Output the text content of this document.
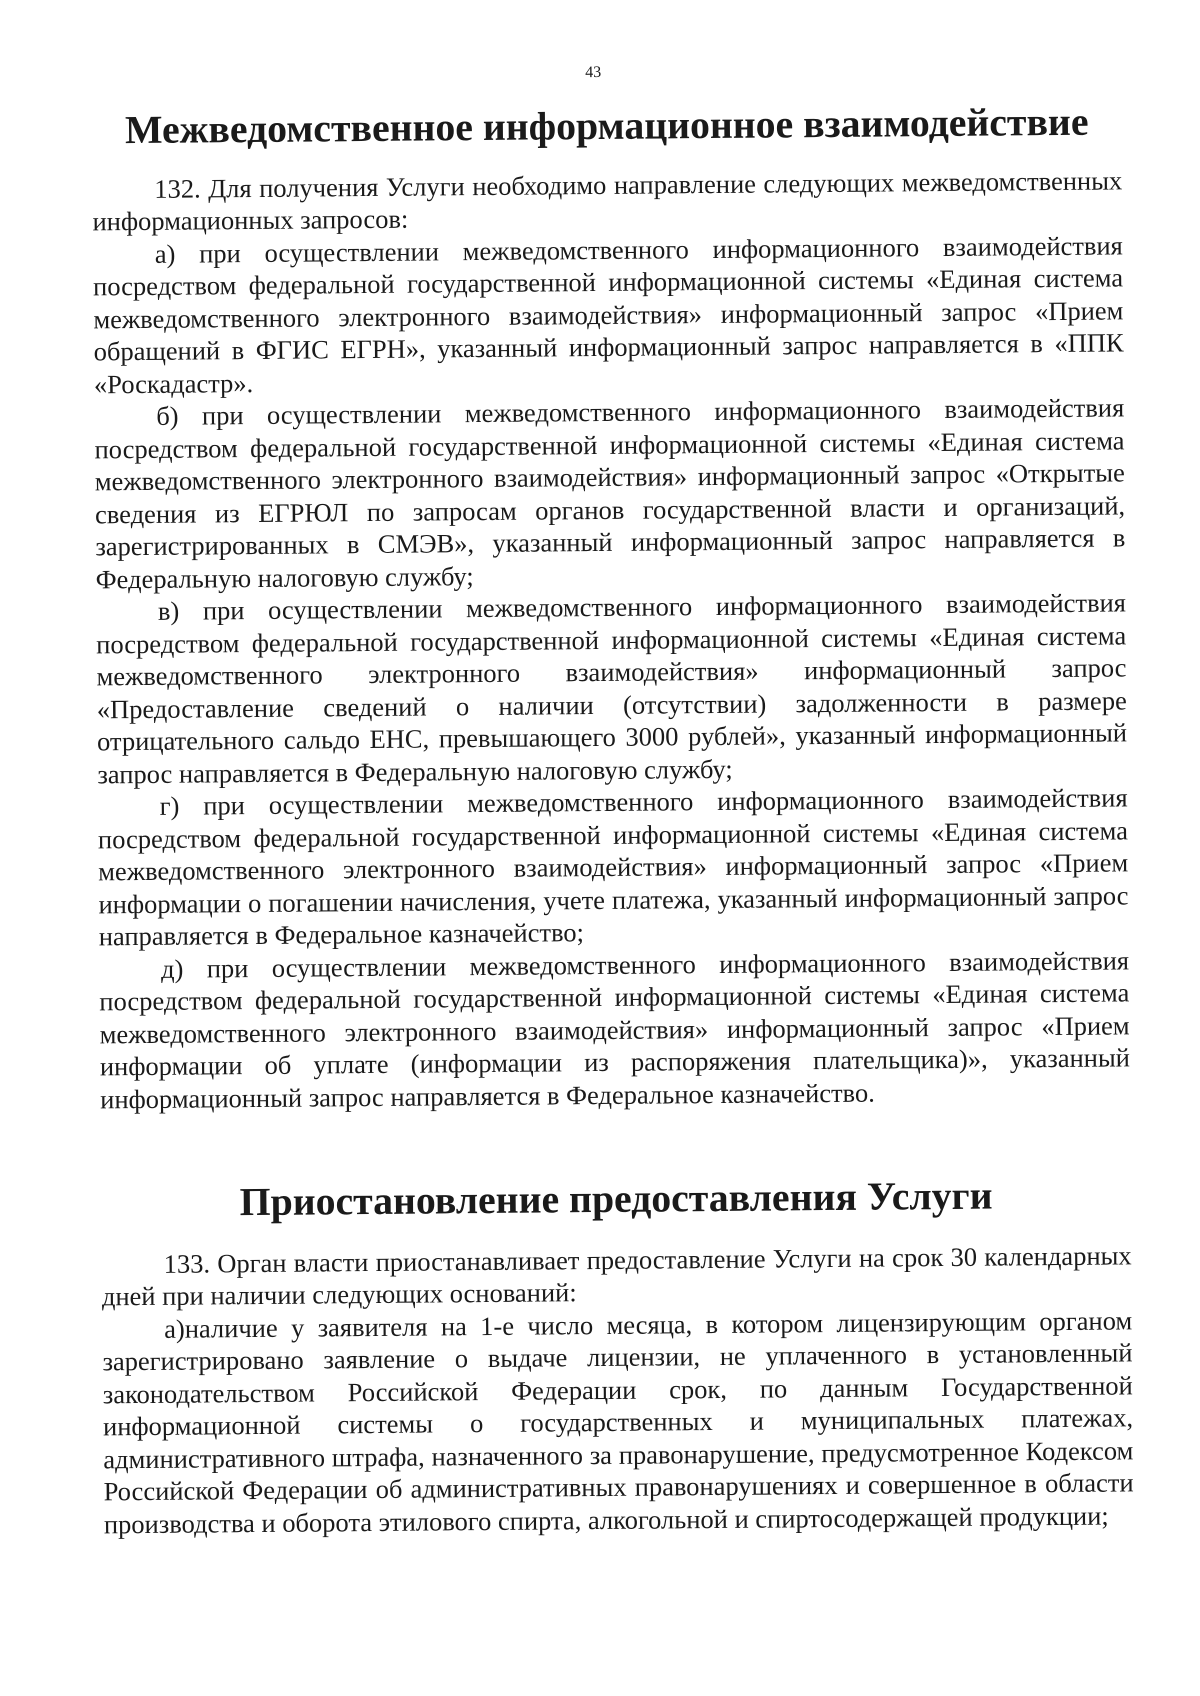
43
Межведомственное информационное взаимодействие

132. Для получения Услуги необходимо направление следующих межведомственных информационных запросов:

а) при осуществлении межведомственного информационного взаимодействия посредством федеральной государственной информационной системы «Единая система межведомственного электронного взаимодействия» информационный запрос «Прием обращений в ФГИС ЕГРН», указанный информационный запрос направляется в «ППК «Роскадастр».

б) при осуществлении межведомственного информационного взаимодействия посредством федеральной государственной информационной системы «Единая система межведомственного электронного взаимодействия» информационный запрос «Открытые сведения из ЕГРЮЛ по запросам органов государственной власти и организаций, зарегистрированных в СМЭВ», указанный информационный запрос направляется в Федеральную налоговую службу;

в) при осуществлении межведомственного информационного взаимодействия посредством федеральной государственной информационной системы «Единая система межведомственного электронного взаимодействия» информационный запрос «Предоставление сведений о наличии (отсутствии) задолженности в размере отрицательного сальдо ЕНС, превышающего 3000 рублей», указанный информационный запрос направляется в Федеральную налоговую службу;

г) при осуществлении межведомственного информационного взаимодействия посредством федеральной государственной информационной системы «Единая система межведомственного электронного взаимодействия» информационный запрос «Прием информации о погашении начисления, учете платежа, указанный информационный запрос направляется в Федеральное казначейство;

д) при осуществлении межведомственного информационного взаимодействия посредством федеральной государственной информационной системы «Единая система межведомственного электронного взаимодействия» информационный запрос «Прием информации об уплате (информации из распоряжения плательщика)», указанный информационный запрос направляется в Федеральное казначейство.

Приостановление предоставления Услуги

133. Орган власти приостанавливает предоставление Услуги на срок 30 календарных дней при наличии следующих оснований:

а)наличие у заявителя на 1-е число месяца, в котором лицензирующим органом зарегистрировано заявление о выдаче лицензии, не уплаченного в установленный законодательством Российской Федерации срок, по данным Государственной информационной системы о государственных и муниципальных платежах, административного штрафа, назначенного за правонарушение, предусмотренное Кодексом Российской Федерации об административных правонарушениях и совершенное в области производства и оборота этилового спирта, алкогольной и спиртосодержащей продукции;
